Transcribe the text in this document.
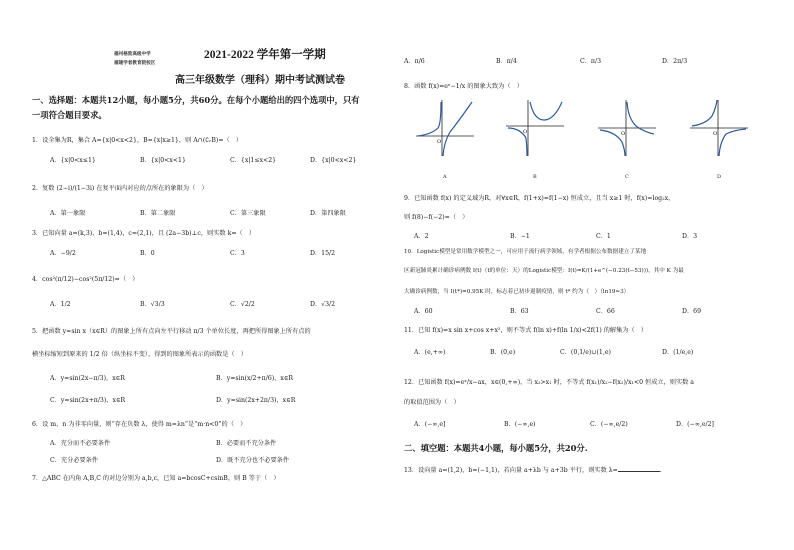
福州格致高级中学
福建学者教育院校区
2021-2022 学年第一学期
高三年级数学（理科）期中考试测试卷
一、选择题：本题共12小题，每小题5分，共60分。在每个小题给出的四个选项中，只有
一项符合题目要求。
1．设全集为R，集合 A={x|0<x<2}，B={x|x≥1}，则 A∩(∁ᵣB)=（　）
A．{x|0<x≤1}	B．{x|0<x<1}	C．{x|1≤x<2}	D．{x|0<x<2}
2．复数 (2−i)/(1−3i) 在复平面内对应的点所在的象限为（　）
A．第一象限	B．第二象限	C．第三象限	D．第四象限
3．已知向量 a=(k,3)，b=(1,4)，c=(2,1)，且 (2a−3b)⊥c，则实数 k=（　）
A．−9/2	B．0	C．3	D．15/2
4．cos²(π/12)−cos²(5π/12)=（　）
A．1/2	B．√3/3	C．√2/2	D．√3/2
5．把函数 y=sin x（x∈R）的图象上所有点向左平行移动 π/3 个单位长度，再把所得图象上所有点的
横坐标缩短到原来的 1/2 倍（纵坐标不变），得到的图象所表示的函数是（　）
A．y=sin(2x−π/3)，x∈R	B．y=sin(x/2+π/6)，x∈R
C．y=sin(2x+π/3)，x∈R	D．y=sin(2x+2π/3)，x∈R
6．设 m，n 为非零向量，则“存在负数 λ，使得 m=λn”是“m·n<0”的（　）
A．充分而不必要条件	B．必要而不充分条件
C．充分必要条件	D．既不充分也不必要条件
7．△ABC 在内角 A,B,C 的对边分别为 a,b,c，已知 a=bcosC+csinB，则 B 等于（　）
A．π/6	B．π/4	C．π/3	D．2π/3
8．函数 f(x)=eˣ−1/x 的图象大致为（　）
O
O	O	O
A	B	C	D
9．已知函数 f(x) 的定义域为R，对∀x∈R，f(1+x)=f(1−x) 恒成立，且当 x≥1 时，f(x)=log₂x，
则 f(8)−f(−2)=（　）
A．2	B．−1	C．1	D．3
10．Logistic模型是常用数学模型之一，可应用于流行病学领域，有学者根据公布数据建立了某地
区新冠肺炎累计确诊病例数 I(t)（t的单位：天）的Logistic模型：I(t)=K/(1+e^(−0.23(t−53)))，其中 K 为最
大确诊病例数，当 I(t*)=0.95K 时，标志着已初步遏制疫情，则 t* 约为（　）（ln19≈3）
A．60	B．63	C．66	D．69
11．已知 f(x)=x sin x+cos x+x²，则不等式 f(ln x)+f(ln 1/x)<2f(1) 的解集为（　）
A．(e,+∞)	B．(0,e)	C．(0,1/e)∪(1,e)	D．(1/e,e)
12．已知函数 f(x)=eˣ/x−ax，x∈(0,+∞)，当 x₂>x₁ 时，不等式 f(x₁)/x₂−f(x₂)/x₁<0 恒成立，则实数 a
的取值范围为（　）
A．(−∞,e]	B．(−∞,e)	C．(−∞,e/2)	D．(−∞,e/2]
二、填空题：本题共4小题，每小题5分，共20分.
13．设向量 a=(1,2)，b=(−1,1)，若向量 a+λb 与 a+3b 平行，则实数 λ=	.
